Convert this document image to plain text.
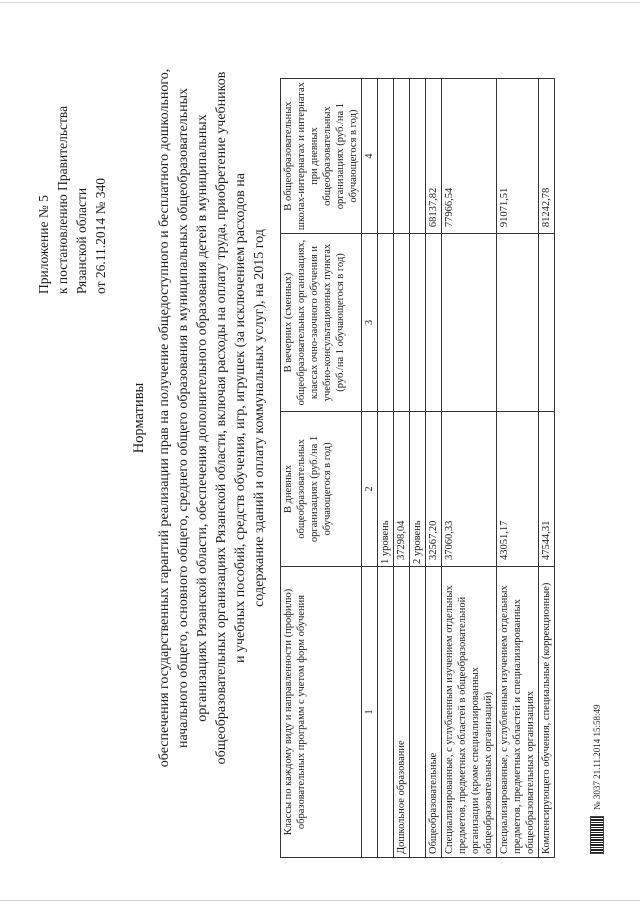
Приложение № 5 к постановлению Правительства Рязанской области от 26.11.2014 № 340
Нормативы обеспечения государственных гарантий реализации прав на получение общедоступного и бесплатного дошкольного, начального общего, основного общего, среднего общего образования в муниципальных общеобразовательных организациях Рязанской области, обеспечения дополнительного образования детей в муниципальных общеобразовательных организациях Рязанской области, включая расходы на оплату труда, приобретение учебников и учебных пособий, средств обучения, игр, игрушек (за исключением расходов на содержание зданий и оплату коммунальных услуг), на 2015 год
Классы по каждому виду и направленности (профилю) образовательных программ с учетом форм обучения	В дневных общеобразовательных организациях (руб./на 1 обучающегося в год)	В вечерних (сменных) общеобразовательных организациях, классах очно-заочного обучения и учебно-консультационных пунктах (руб./на 1 обучающегося в год)	В общеобразовательных школах-интернатах и интернатах при дневных общеобразовательных организациях (руб./на 1 обучающегося в год)
1	2	3	4
	1 уровень		
Дошкольное образование	37298,04		
	2 уровень		
Общеобразовательные	32567,20		68137,82
Специализированные, с углубленным изучением отдельных предметов, предметных областей в общеобразовательной организации (кроме специализированных общеобразовательных организаций)	37060,33		77966,54
Специализированные, с углубленным изучением отдельных предметов, предметных областей и специализированных общеобразовательных организациях	43051,17		91071,51
Компенсирующего обучения, специальные (коррекционные)	47544,31		81242,78
№ 3037 21.11.2014 15:58:49
